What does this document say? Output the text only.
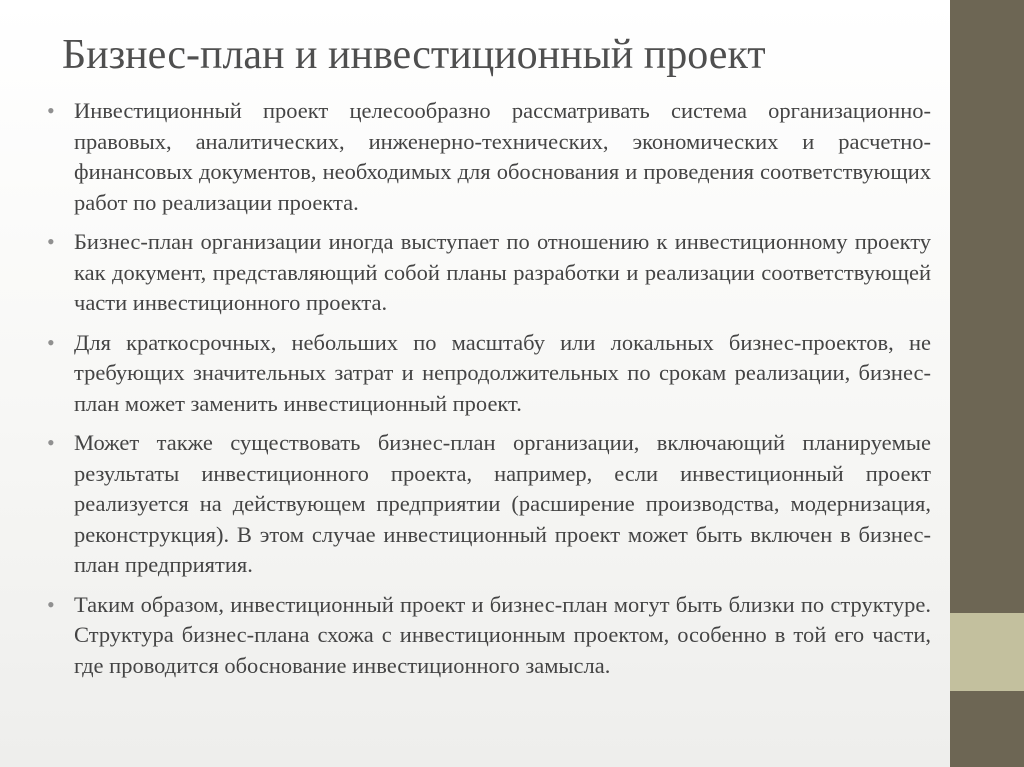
Бизнес-план и инвестиционный проект
• Инвестиционный проект целесообразно рассматривать система организационно-правовых, аналитических, инженерно-технических, экономических и расчетно-финансовых документов, необходимых для обоснования и проведения соответствующих работ по реализации проекта.
• Бизнес-план организации иногда выступает по отношению к инвестиционному проекту как документ, представляющий собой планы разработки и реализации соответствующей части инвестиционного проекта.
• Для краткосрочных, небольших по масштабу или локальных бизнес-проектов, не требующих значительных затрат и непродолжительных по срокам реализации, бизнес-план может заменить инвестиционный проект.
• Может также существовать бизнес-план организации, включающий планируемые результаты инвестиционного проекта, например, если инвестиционный проект реализуется на действующем предприятии (расширение производства, модернизация, реконструкция). В этом случае инвестиционный проект может быть включен в бизнес-план предприятия.
• Таким образом, инвестиционный проект и бизнес-план могут быть близки по структуре. Структура бизнес-плана схожа с инвестиционным проектом, особенно в той его части, где проводится обоснование инвестиционного замысла.
